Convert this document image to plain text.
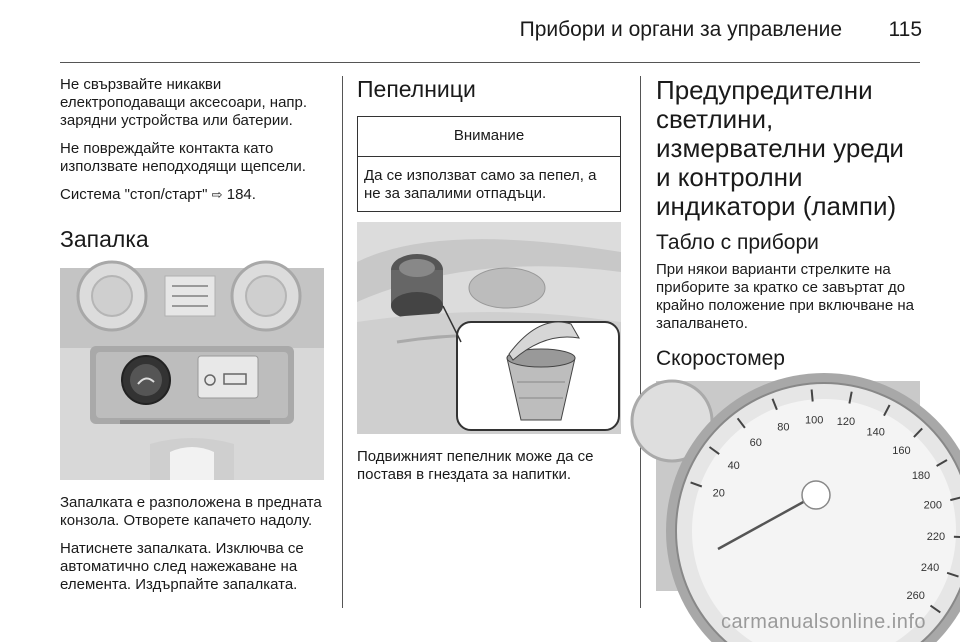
Прибори и органи за управление 115

Не свързвайте никакви електроподаващи аксесоари, напр. зарядни устройства или батерии.

Не повреждайте контакта като използвате неподходящи щепсели.

Система "стоп/старт" ⇨ 184.

Запалка

Запалката е разположена в предната конзола. Отворете капачето надолу.

Натиснете запалката. Изключва се автоматично след нажежаване на елемента. Издърпайте запалката.

Пепелници
Внимание
Да се използват само за пепел, а не за запалими отпадъци.

Подвижният пепелник може да се поставя в гнездата за напитки.

Предупредителни светлини, измервателни уреди и контролни индикатори (лампи)
Табло с прибори

При някои варианти стрелките на приборите за кратко се завъртат до крайно положение при включване на запалването.

Скоростомер
20
40
60
80
100 120
140
160
180
200
220
240
260
carmanualsonline.info
